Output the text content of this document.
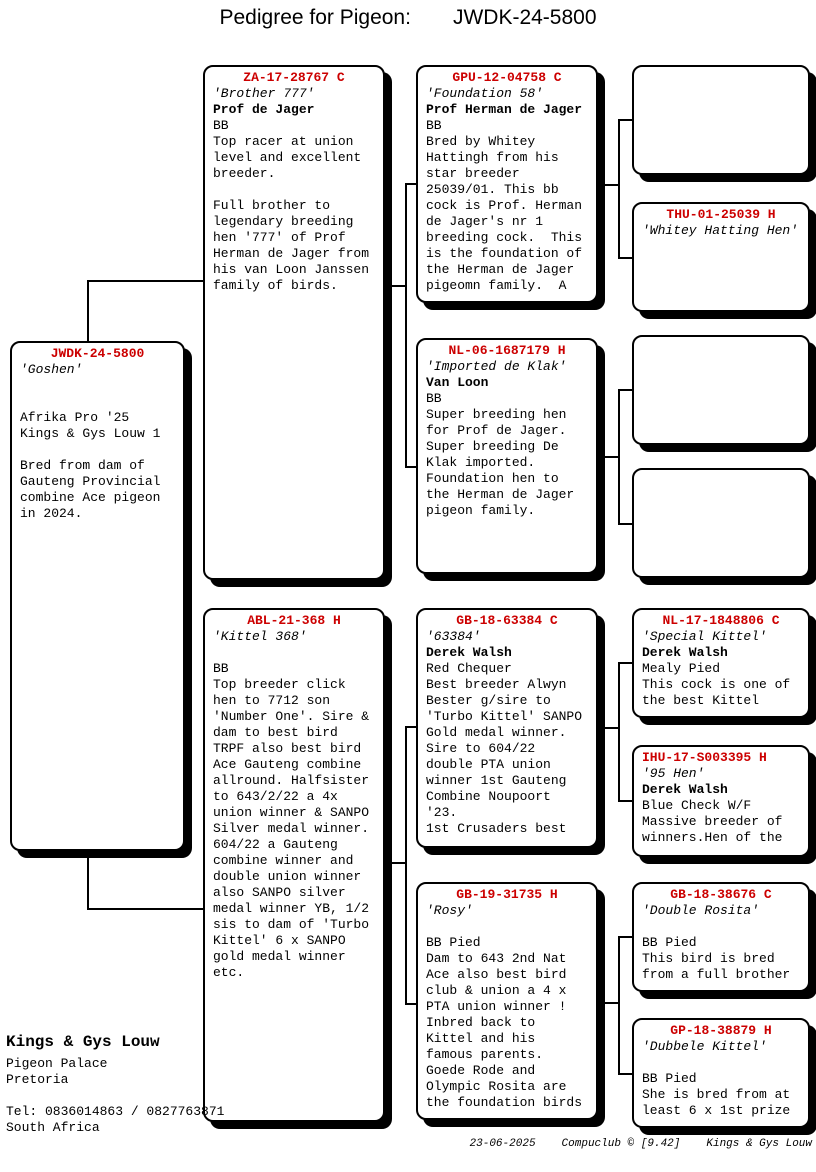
Pedigree for Pigeon: JWDK-24-5800
JWDK-24-5800
'Goshen'

Afrika Pro '25
Kings & Gys Louw 1

Bred from dam of
Gauteng Provincial
combine Ace pigeon
in 2024.
ZA-17-28767 C
'Brother 777'
Prof de Jager
BB
Top racer at union
level and excellent
breeder.

Full brother to
legendary breeding
hen '777' of Prof
Herman de Jager from
his van Loon Janssen
family of birds.
ABL-21-368 H
'Kittel 368'
BB
Top breeder click
hen to 7712 son
'Number One'. Sire &
dam to best bird
TRPF also best bird
Ace Gauteng combine
allround. Halfsister
to 643/2/22 a 4x
union winner & SANPO
Silver medal winner.
604/22 a Gauteng
combine winner and
double union winner
also SANPO silver
medal winner YB, 1/2
sis to dam of 'Turbo
Kittel' 6 x SANPO
gold medal winner
etc.
GPU-12-04758 C
'Foundation 58'
Prof Herman de Jager
BB
Bred by Whitey
Hattingh from his
star breeder
25039/01. This bb
cock is Prof. Herman
de Jager's nr 1
breeding cock.  This
is the foundation of
the Herman de Jager
pigeomn family.  A
NL-06-1687179 H
'Imported de Klak'
Van Loon
BB
Super breeding hen
for Prof de Jager.
Super breeding De
Klak imported.
Foundation hen to
the Herman de Jager
pigeon family.
GB-18-63384 C
'63384'
Derek Walsh
Red Chequer
Best breeder Alwyn
Bester g/sire to
'Turbo Kittel' SANPO
Gold medal winner.
Sire to 604/22
double PTA union
winner 1st Gauteng
Combine Noupoort
'23.
1st Crusaders best
GB-19-31735 H
'Rosy'
BB Pied
Dam to 643 2nd Nat
Ace also best bird
club & union a 4 x
PTA union winner !
Inbred back to
Kittel and his
famous parents.
Goede Rode and
Olympic Rosita are
the foundation birds
THU-01-25039 H
'Whitey Hatting Hen'
NL-17-1848806 C
'Special Kittel'
Derek Walsh
Mealy Pied
This cock is one of
the best Kittel
IHU-17-S003395 H
'95 Hen'
Derek Walsh
Blue Check W/F
Massive breeder of
winners.Hen of the
GB-18-38676 C
'Double Rosita'
BB Pied
This bird is bred
from a full brother
GP-18-38879 H
'Dubbele Kittel'
BB Pied
She is bred from at
least 6 x 1st prize
Kings & Gys Louw
Pigeon Palace
Pretoria
Tel: 0836014863 / 0827763871
South Africa
23-06-2025 Compuclub © [9.42] Kings & Gys Louw
